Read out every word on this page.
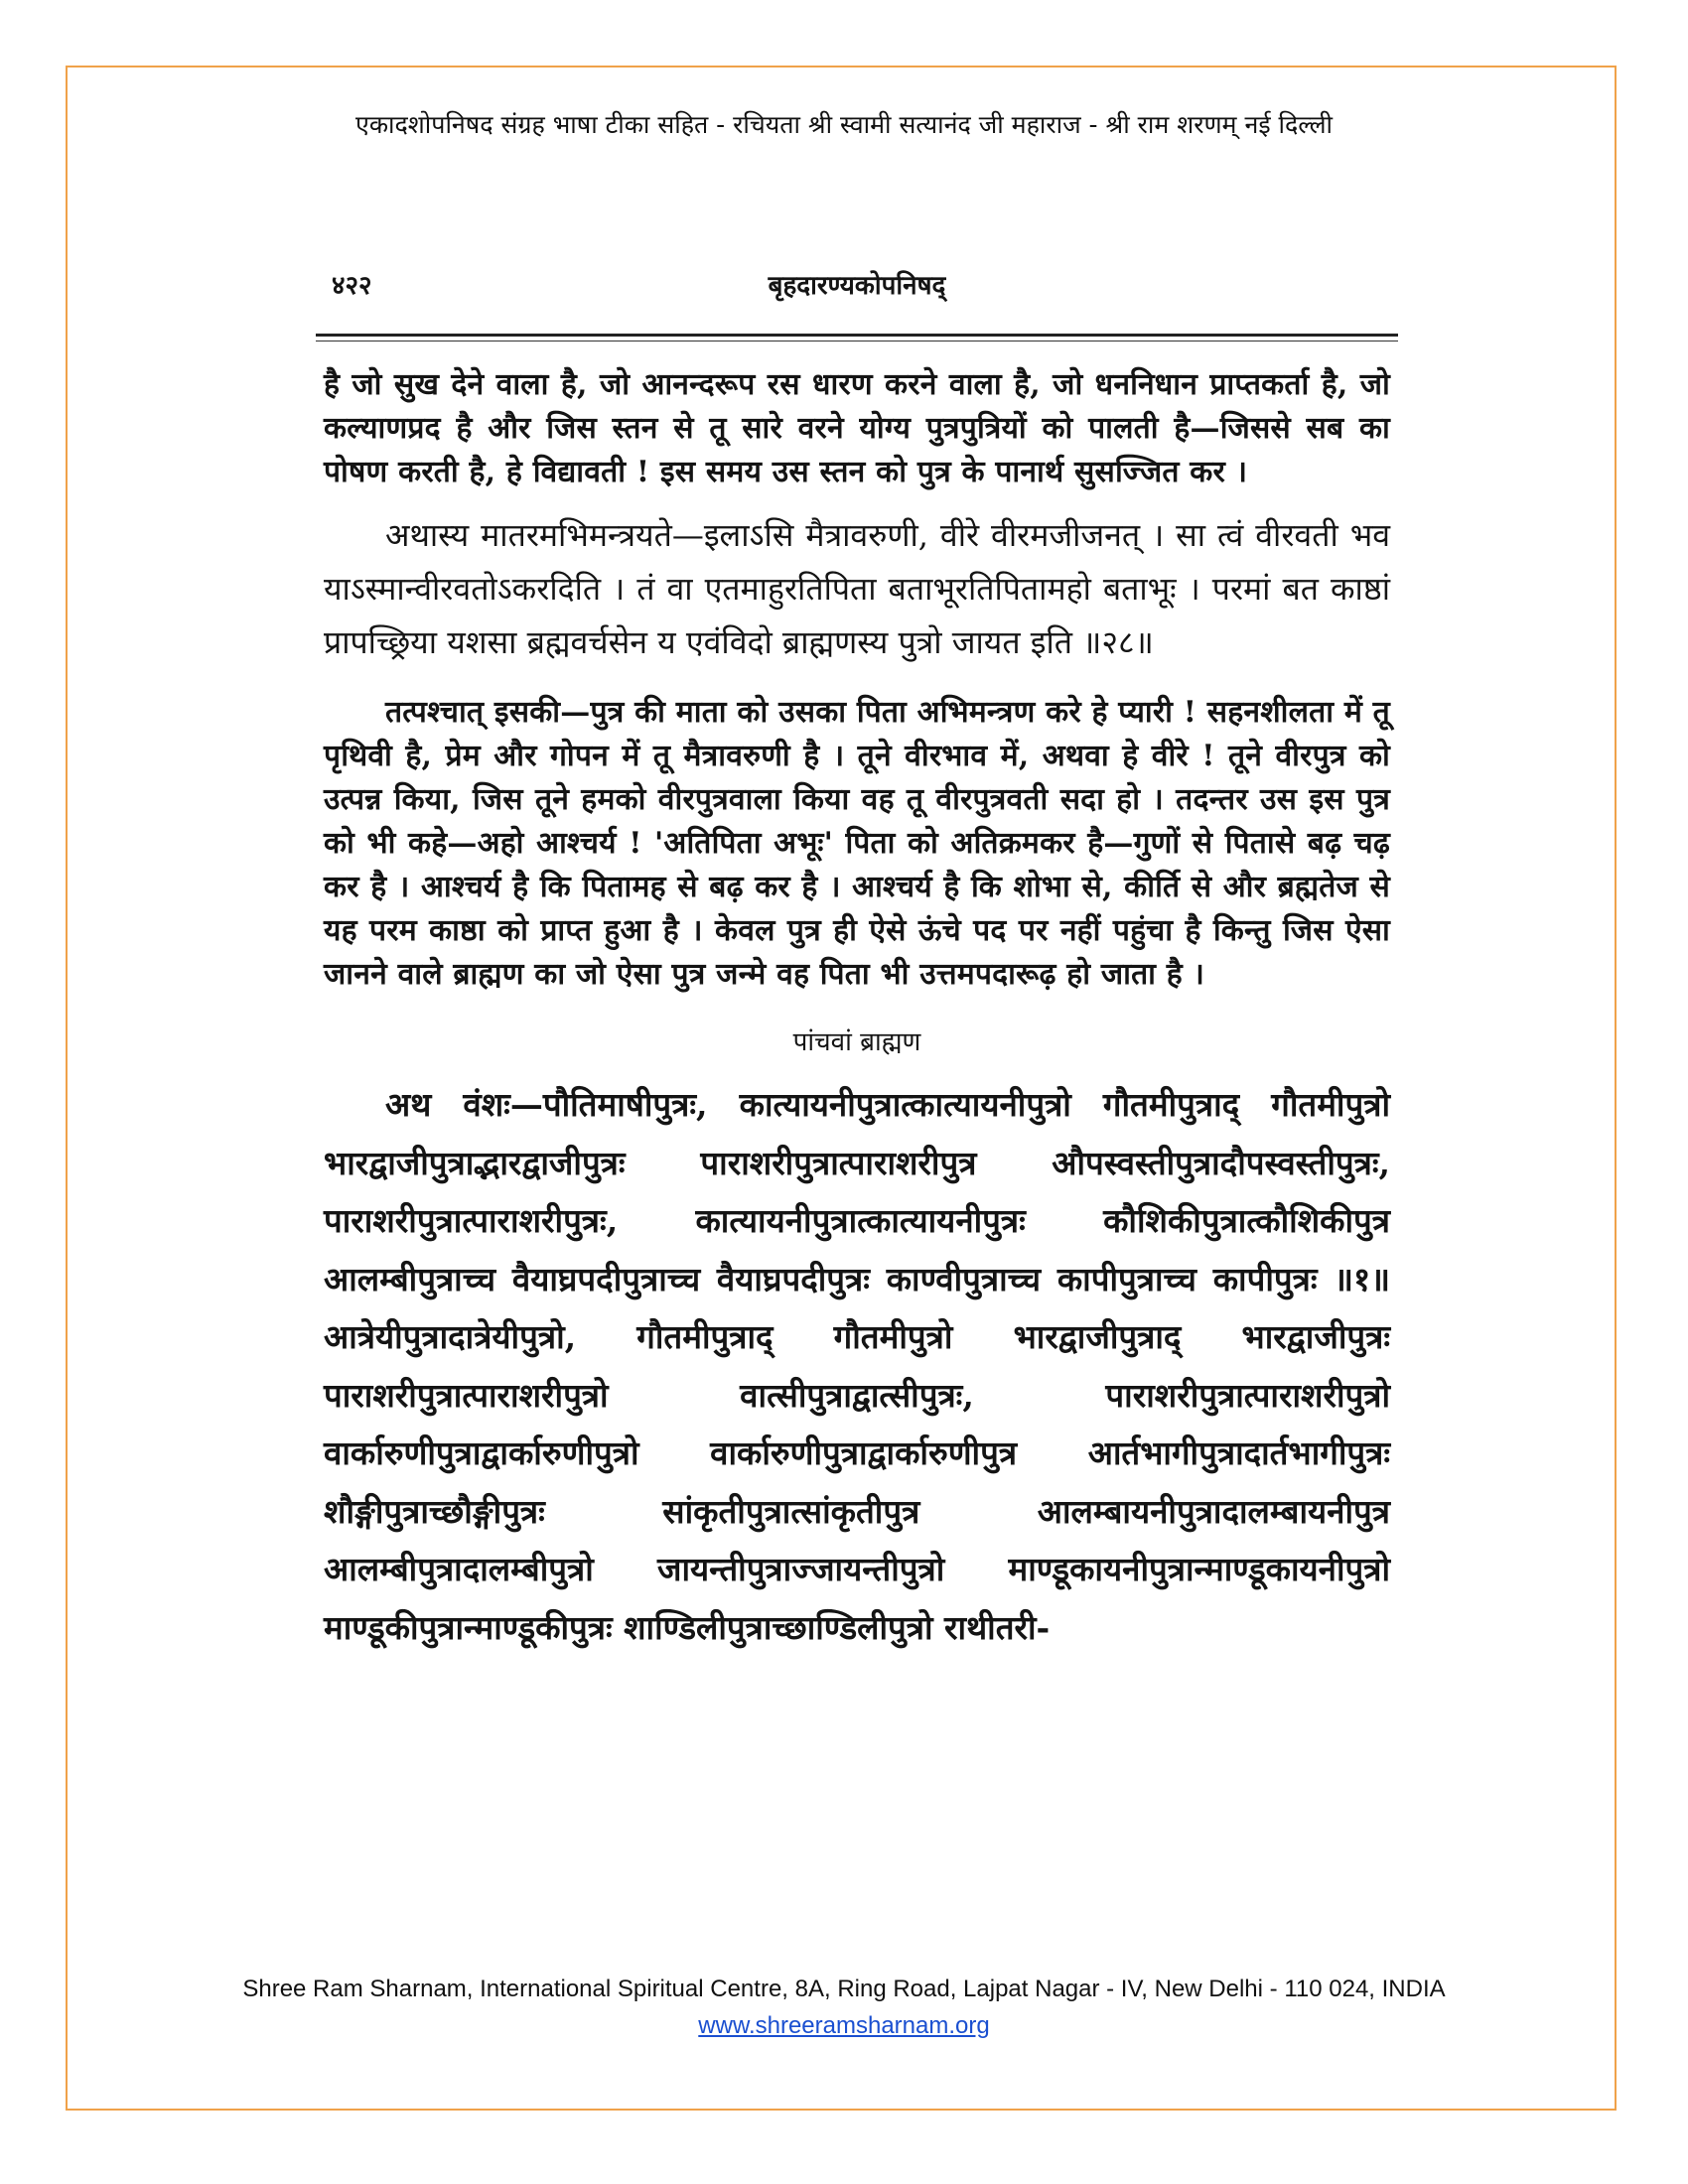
एकादशोपनिषद संग्रह भाषा टीका सहित - रचियता श्री स्वामी सत्यानंद जी महाराज - श्री राम शरणम् नई दिल्ली
४२२	बृहदारण्यकोपनिषद्

है जो सुख देने वाला है, जो आनन्दरूप रस धारण करने वाला है, जो धननिधान प्राप्तकर्ता है, जो कल्याणप्रद है और जिस स्तन से तू सारे वरने योग्य पुत्रपुत्रियों को पालती है—जिससे सब का पोषण करती है, हे विद्यावती ! इस समय उस स्तन को पुत्र के पानार्थ सुसज्जित कर ।

अथास्य मातरमभिमन्त्रयते—इलाऽसि मैत्रावरुणी, वीरे वीरमजीजनत् । सा त्वं वीरवती भव याऽस्मान्वीरवतोऽकरदिति । तं वा एतमाहुरतिपिता बताभूरतिपितामहो बताभूः । परमां बत काष्ठां प्रापच्छ्रिया यशसा ब्रह्मवर्चसेन य एवंविदो ब्राह्मणस्य पुत्रो जायत इति ॥२८॥

तत्पश्चात् इसकी—पुत्र की माता को उसका पिता अभिमन्त्रण करे हे प्यारी ! सहनशीलता में तू पृथिवी है, प्रेम और गोपन में तू मैत्रावरुणी है । तूने वीरभाव में, अथवा हे वीरे ! तूने वीरपुत्र को उत्पन्न किया, जिस तूने हमको वीरपुत्रवाला किया वह तू वीरपुत्रवती सदा हो । तदन्तर उस इस पुत्र को भी कहे—अहो आश्चर्य ! 'अतिपिता अभूः' पिता को अतिक्रमकर है—गुणों से पितासे बढ़ चढ़ कर है । आश्चर्य है कि पितामह से बढ़ कर है । आश्चर्य है कि शोभा से, कीर्ति से और ब्रह्मतेज से यह परम काष्ठा को प्राप्त हुआ है । केवल पुत्र ही ऐसे ऊंचे पद पर नहीं पहुंचा है किन्तु जिस ऐसा जानने वाले ब्राह्मण का जो ऐसा पुत्र जन्मे वह पिता भी उत्तमपदारूढ़ हो जाता है ।

पांचवां ब्राह्मण

अथ वंशः—पौतिमाषीपुत्रः, कात्यायनीपुत्रात्कात्यायनीपुत्रो गौतमीपुत्राद् गौतमीपुत्रो भारद्वाजीपुत्राद्भारद्वाजीपुत्रः पाराशरीपुत्रात्पाराशरीपुत्र औपस्वस्तीपुत्रादौपस्वस्तीपुत्रः, पाराशरीपुत्रात्पाराशरीपुत्रः, कात्यायनीपुत्रात्कात्यायनीपुत्रः कौशिकीपुत्रात्कौशिकीपुत्र आलम्बीपुत्राच्च वैयाघ्रपदीपुत्राच्च वैयाघ्रपदीपुत्रः काण्वीपुत्राच्च कापीपुत्राच्च कापीपुत्रः ॥१॥ आत्रेयीपुत्रादात्रेयीपुत्रो, गौतमीपुत्राद् गौतमीपुत्रो भारद्वाजीपुत्राद् भारद्वाजीपुत्रः पाराशरीपुत्रात्पाराशरीपुत्रो वात्सीपुत्राद्वात्सीपुत्रः, पाराशरीपुत्रात्पाराशरीपुत्रो वार्कारुणीपुत्राद्वार्कारुणीपुत्रो वार्कारुणीपुत्राद्वार्कारुणीपुत्र आर्तभागीपुत्रादार्तभागीपुत्रः शौङ्गीपुत्राच्छौङ्गीपुत्रः सांकृतीपुत्रात्सांकृतीपुत्र आलम्बायनीपुत्रादालम्बायनीपुत्र आलम्बीपुत्रादालम्बीपुत्रो जायन्तीपुत्राज्जायन्तीपुत्रो माण्डूकायनीपुत्रान्माण्डूकायनीपुत्रो माण्डूकीपुत्रान्माण्डूकीपुत्रः शाण्डिलीपुत्राच्छाण्डिलीपुत्रो राथीतरी-

Shree Ram Sharnam, International Spiritual Centre, 8A, Ring Road, Lajpat Nagar - IV, New Delhi - 110 024, INDIA
www.shreeramsharnam.org
